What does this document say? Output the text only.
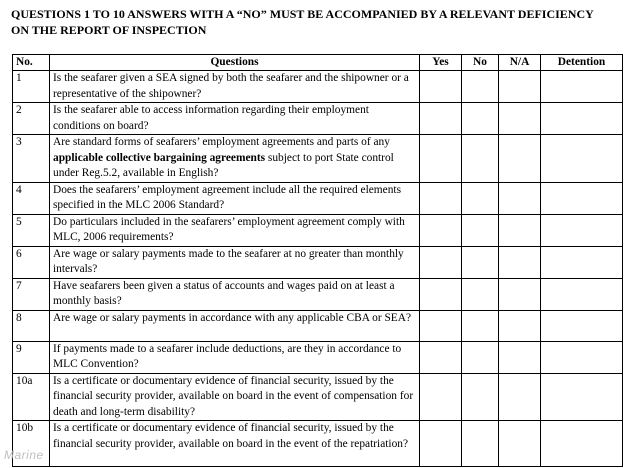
QUESTIONS 1 TO 10 ANSWERS WITH A “NO” MUST BE ACCOMPANIED BY A RELEVANT DEFICIENCY
ON THE REPORT OF INSPECTION
No.	Questions	Yes	No	N/A	Detention
1	Is the seafarer given a SEA signed by both the seafarer and the shipowner or a representative of the shipowner?				
2	Is the seafarer able to access information regarding their employment conditions on board?				
3	Are standard forms of seafarers’ employment agreements and parts of any applicable collective bargaining agreements subject to port State control under Reg.5.2, available in English?				
4	Does the seafarers’ employment agreement include all the required elements specified in the MLC 2006 Standard?				
5	Do particulars included in the seafarers’ employment agreement comply with MLC, 2006 requirements?				
6	Are wage or salary payments made to the seafarer at no greater than monthly intervals?				
7	Have seafarers been given a status of accounts and wages paid on at least a monthly basis?				
8	Are wage or salary payments in accordance with any applicable CBA or SEA?				
9	If payments made to a seafarer include deductions, are they in accordance to MLC Convention?				
10a	Is a certificate or documentary evidence of financial security, issued by the financial security provider, available on board in the event of compensation for death and long-term disability?				
10b	Is a certificate or documentary evidence of financial security, issued by the financial security provider, available on board in the event of the repatriation?				
Marine
